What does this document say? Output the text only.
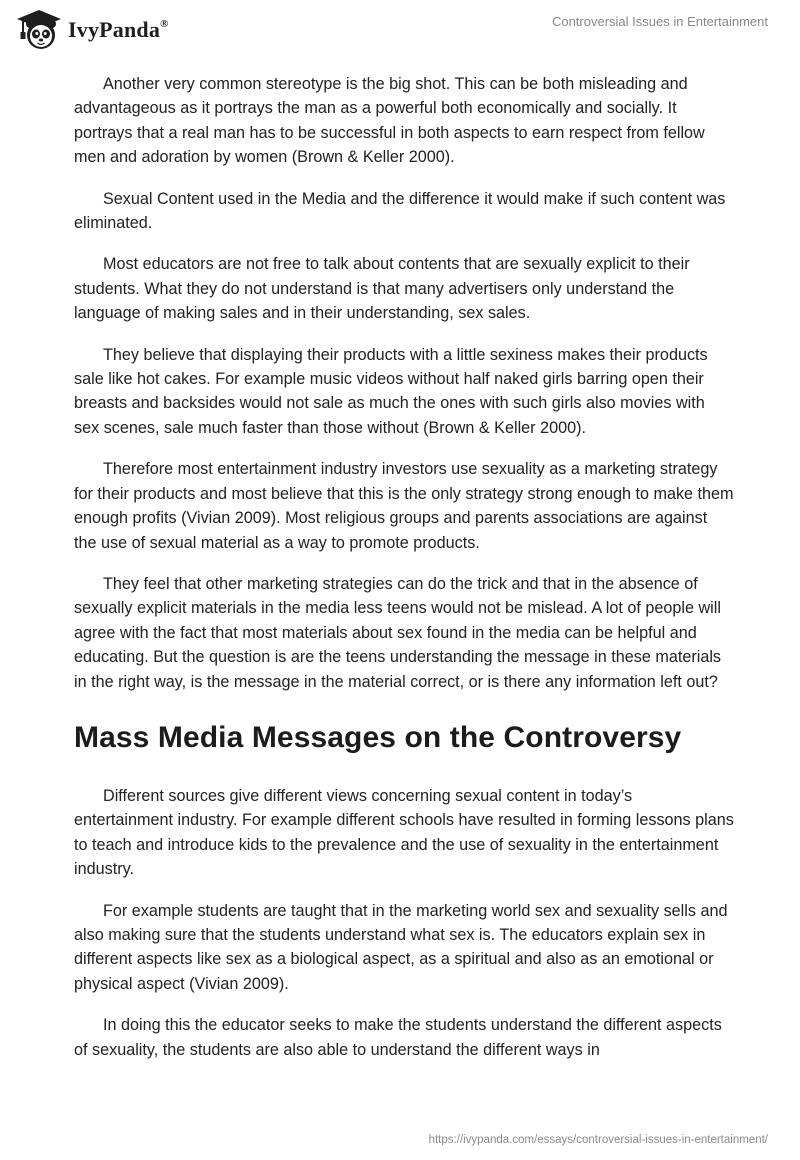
IvyPanda®	Controversial Issues in Entertainment

Another very common stereotype is the big shot. This can be both misleading and advantageous as it portrays the man as a powerful both economically and socially. It portrays that a real man has to be successful in both aspects to earn respect from fellow men and adoration by women (Brown & Keller 2000).

Sexual Content used in the Media and the difference it would make if such content was eliminated.

Most educators are not free to talk about contents that are sexually explicit to their students. What they do not understand is that many advertisers only understand the language of making sales and in their understanding, sex sales.

They believe that displaying their products with a little sexiness makes their products sale like hot cakes. For example music videos without half naked girls barring open their breasts and backsides would not sale as much the ones with such girls also movies with sex scenes, sale much faster than those without (Brown & Keller 2000).

Therefore most entertainment industry investors use sexuality as a marketing strategy for their products and most believe that this is the only strategy strong enough to make them enough profits (Vivian 2009). Most religious groups and parents associations are against the use of sexual material as a way to promote products.

They feel that other marketing strategies can do the trick and that in the absence of sexually explicit materials in the media less teens would not be mislead. A lot of people will agree with the fact that most materials about sex found in the media can be helpful and educating. But the question is are the teens understanding the message in these materials in the right way, is the message in the material correct, or is there any information left out?

Mass Media Messages on the Controversy

Different sources give different views concerning sexual content in today’s entertainment industry. For example different schools have resulted in forming lessons plans to teach and introduce kids to the prevalence and the use of sexuality in the entertainment industry.

For example students are taught that in the marketing world sex and sexuality sells and also making sure that the students understand what sex is. The educators explain sex in different aspects like sex as a biological aspect, as a spiritual and also as an emotional or physical aspect (Vivian 2009).

In doing this the educator seeks to make the students understand the different aspects of sexuality, the students are also able to understand the different ways in

https://ivypanda.com/essays/controversial-issues-in-entertainment/
